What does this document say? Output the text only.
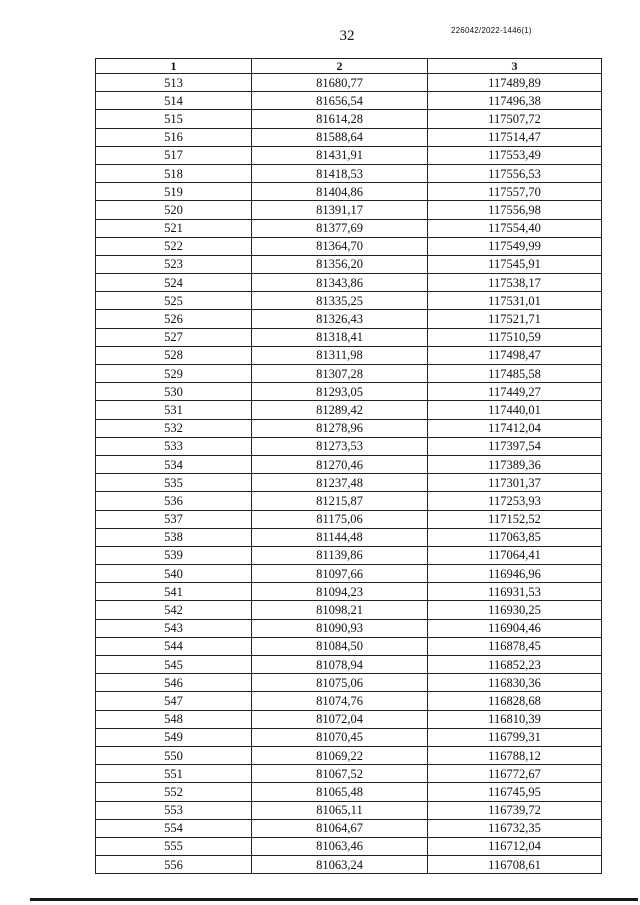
32	226042/2022-1446(1)
1	2	3
513	81680,77	117489,89
514	81656,54	117496,38
515	81614,28	117507,72
516	81588,64	117514,47
517	81431,91	117553,49
518	81418,53	117556,53
519	81404,86	117557,70
520	81391,17	117556,98
521	81377,69	117554,40
522	81364,70	117549,99
523	81356,20	117545,91
524	81343,86	117538,17
525	81335,25	117531,01
526	81326,43	117521,71
527	81318,41	117510,59
528	81311,98	117498,47
529	81307,28	117485,58
530	81293,05	117449,27
531	81289,42	117440,01
532	81278,96	117412,04
533	81273,53	117397,54
534	81270,46	117389,36
535	81237,48	117301,37
536	81215,87	117253,93
537	81175,06	117152,52
538	81144,48	117063,85
539	81139,86	117064,41
540	81097,66	116946,96
541	81094,23	116931,53
542	81098,21	116930,25
543	81090,93	116904,46
544	81084,50	116878,45
545	81078,94	116852,23
546	81075,06	116830,36
547	81074,76	116828,68
548	81072,04	116810,39
549	81070,45	116799,31
550	81069,22	116788,12
551	81067,52	116772,67
552	81065,48	116745,95
553	81065,11	116739,72
554	81064,67	116732,35
555	81063,46	116712,04
556	81063,24	116708,61
